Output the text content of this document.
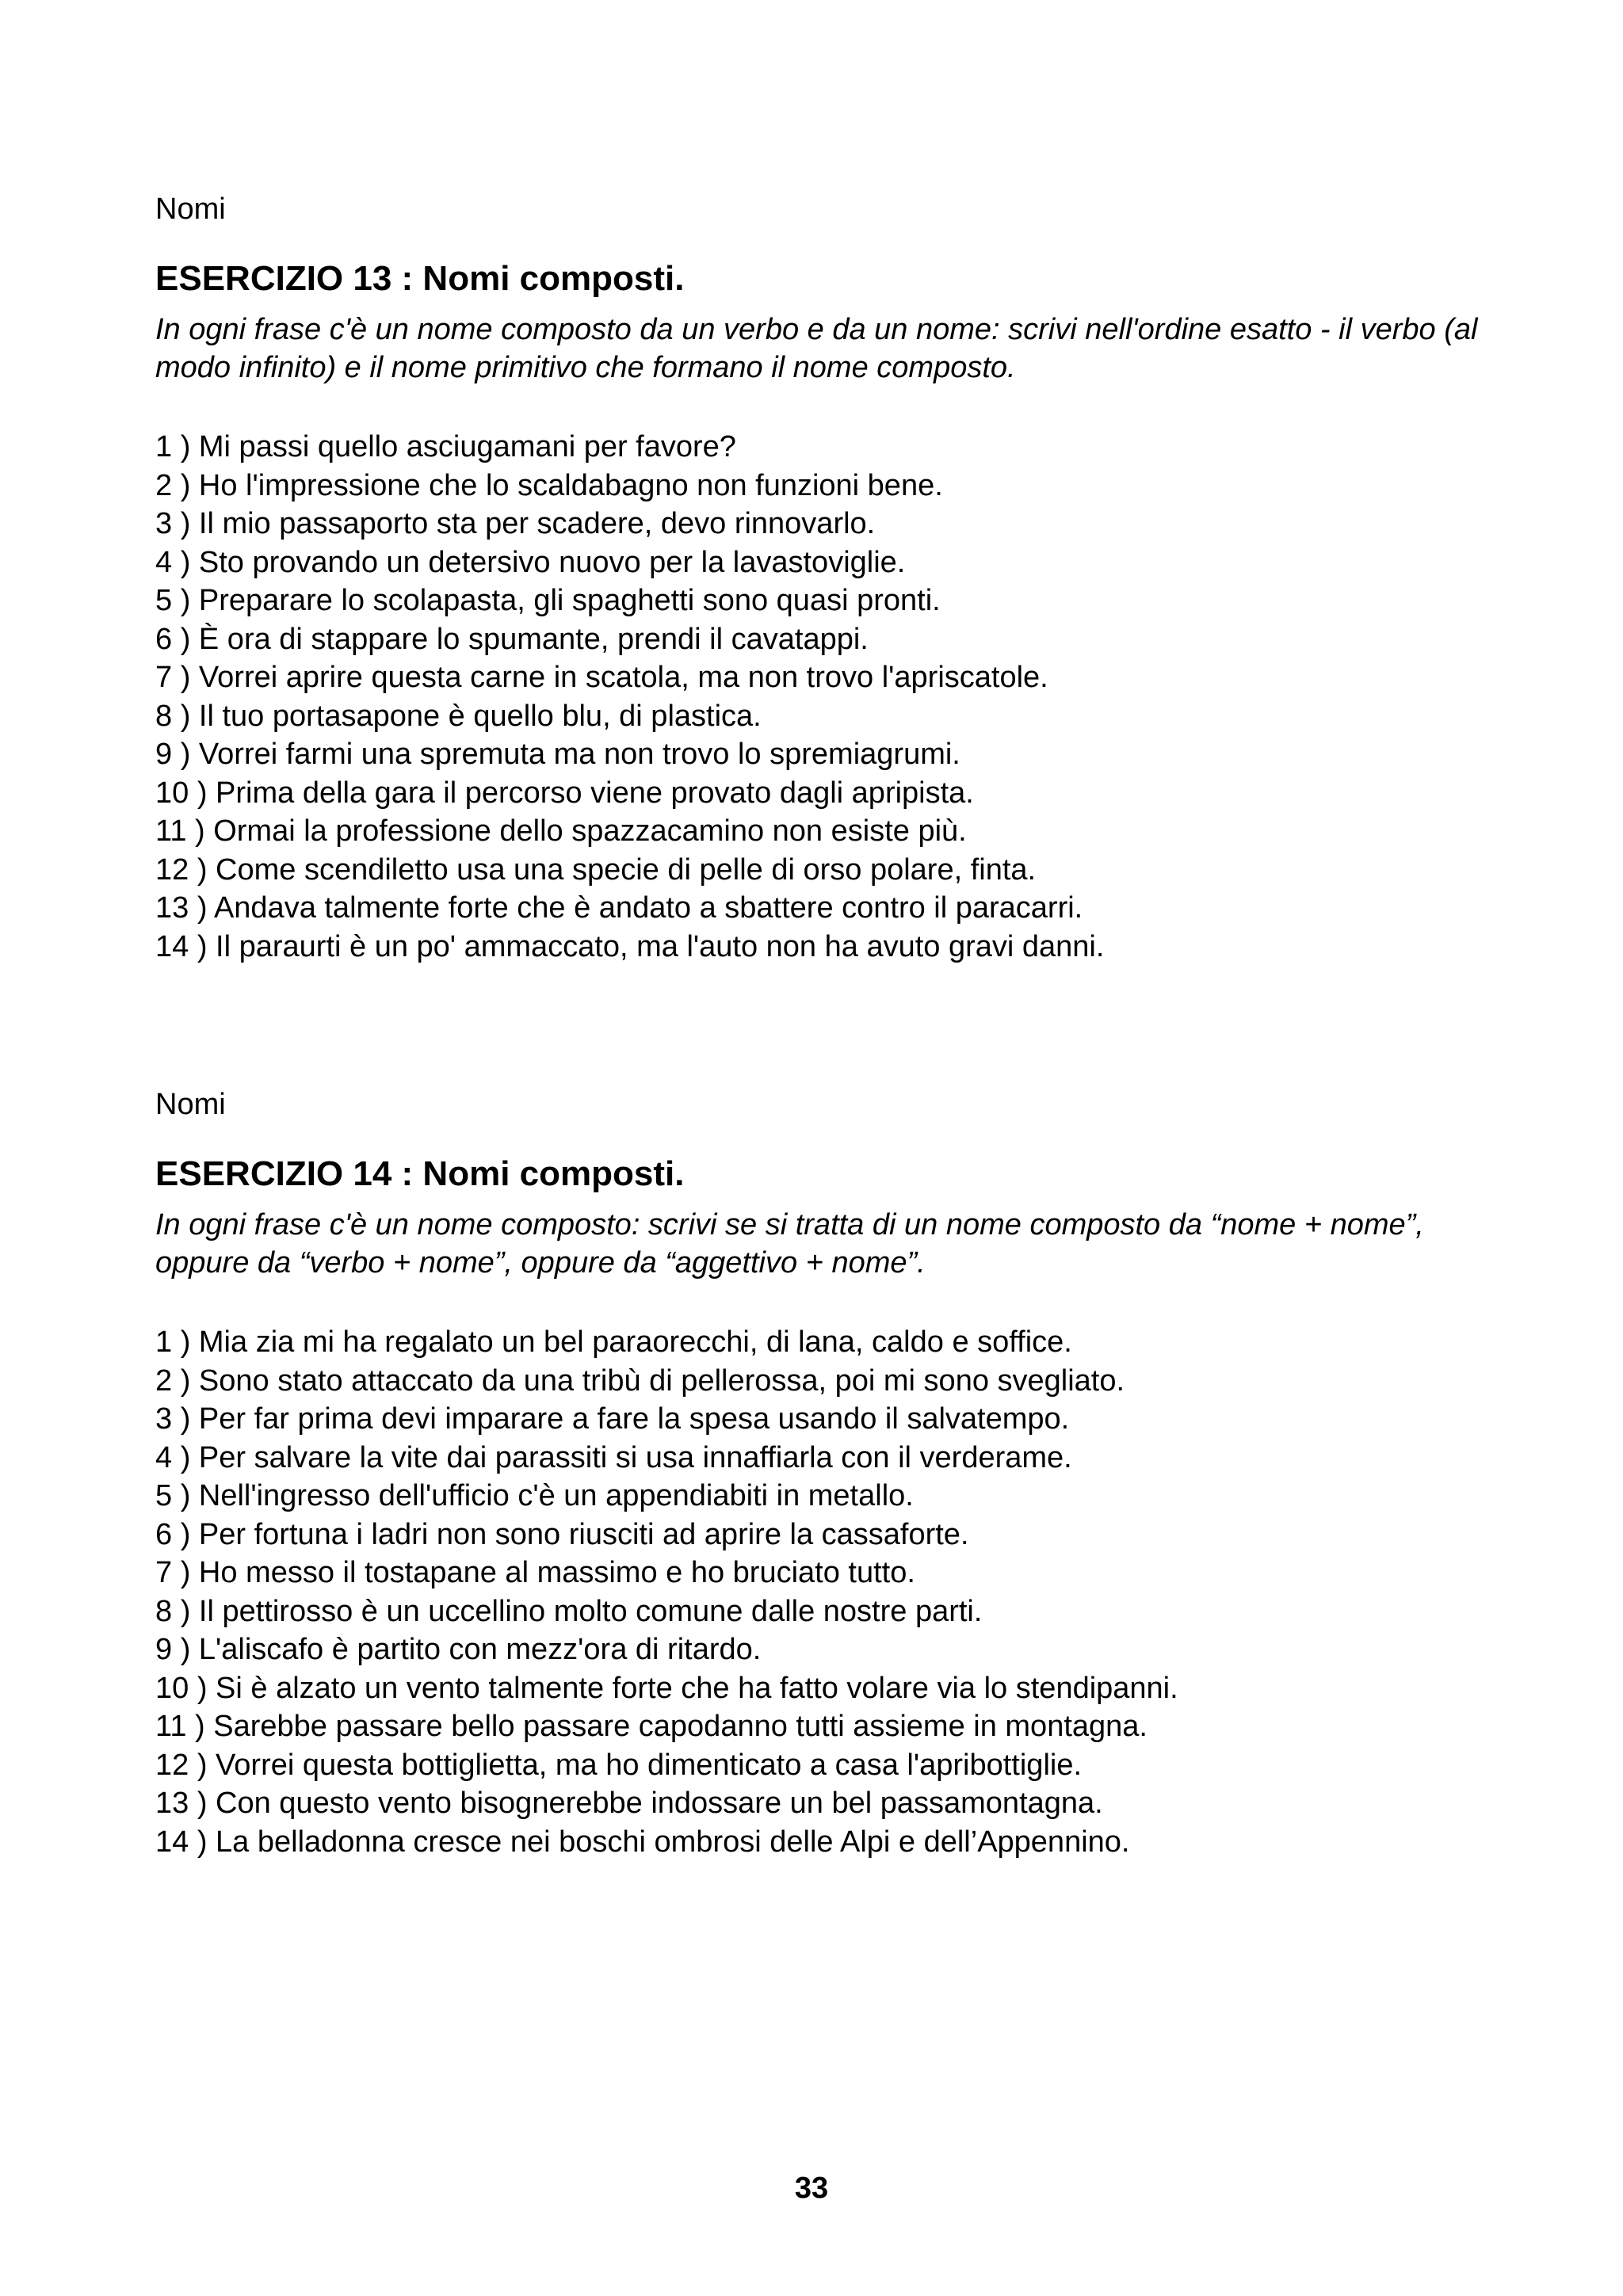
Nomi

ESERCIZIO 13 : Nomi composti.

In ogni frase c'è un nome composto da un verbo e da un nome: scrivi nell'ordine esatto - il verbo (al modo infinito) e il nome primitivo che formano il nome composto.

1 ) Mi passi quello asciugamani per favore?
2 ) Ho l'impressione che lo scaldabagno non funzioni bene.
3 ) Il mio passaporto sta per scadere, devo rinnovarlo.
4 ) Sto provando un detersivo nuovo per la lavastoviglie.
5 ) Preparare lo scolapasta, gli spaghetti sono quasi pronti.
6 ) È ora di stappare lo spumante, prendi il cavatappi.
7 ) Vorrei aprire questa carne in scatola, ma non trovo l'apriscatole.
8 ) Il tuo portasapone è quello blu, di plastica.
9 ) Vorrei farmi una spremuta ma non trovo lo spremiagrumi.
10 ) Prima della gara il percorso viene provato dagli apripista.
11 ) Ormai la professione dello spazzacamino non esiste più.
12 ) Come scendiletto usa una specie di pelle di orso polare, finta.
13 ) Andava talmente forte che è andato a sbattere contro il paracarri.
14 ) Il paraurti è un po' ammaccato, ma l'auto non ha avuto gravi danni.

Nomi

ESERCIZIO 14 : Nomi composti.

In ogni frase c'è un nome composto: scrivi se si tratta di un nome composto da “nome + nome”, oppure da “verbo + nome”, oppure da “aggettivo + nome”.

1 ) Mia zia mi ha regalato un bel paraorecchi, di lana, caldo e soffice.
2 ) Sono stato attaccato da una tribù di pellerossa, poi mi sono svegliato.
3 ) Per far prima devi imparare a fare la spesa usando il salvatempo.
4 ) Per salvare la vite dai parassiti si usa innaffiarla con il verderame.
5 ) Nell'ingresso dell'ufficio c'è un appendiabiti in metallo.
6 ) Per fortuna i ladri non sono riusciti ad aprire la cassaforte.
7 ) Ho messo il tostapane al massimo e ho bruciato tutto.
8 ) Il pettirosso è un uccellino molto comune dalle nostre parti.
9 ) L'aliscafo è partito con mezz'ora di ritardo.
10 ) Si è alzato un vento talmente forte che ha fatto volare via lo stendipanni.
11 ) Sarebbe passare bello passare capodanno tutti assieme in montagna.
12 ) Vorrei questa bottiglietta, ma ho dimenticato a casa l'apribottiglie.
13 ) Con questo vento bisognerebbe indossare un bel passamontagna.
14 ) La belladonna cresce nei boschi ombrosi delle Alpi e dell’Appennino.
33
